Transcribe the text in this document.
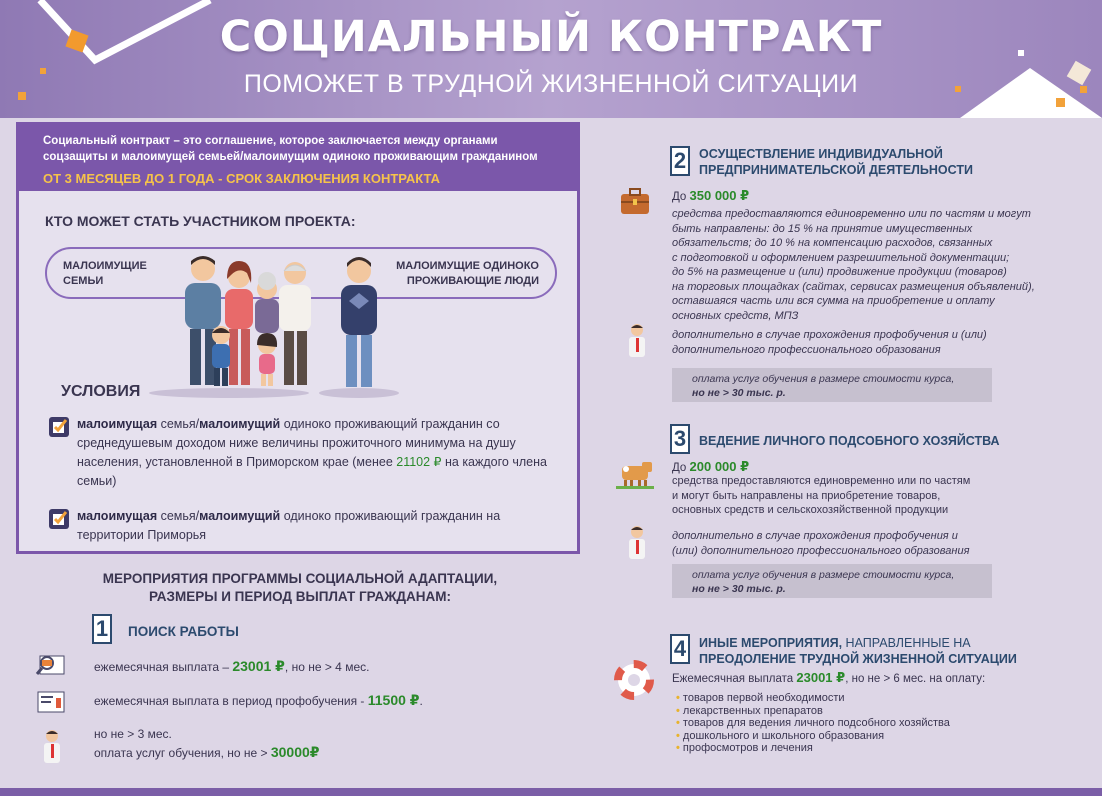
СОЦИАЛЬНЫЙ КОНТРАКТ
ПОМОЖЕТ В ТРУДНОЙ ЖИЗНЕННОЙ СИТУАЦИИ
Социальный контракт – это соглашение, которое заключается между органами
соцзащиты и малоимущей семьей/малоимущим одиноко проживающим гражданином
ОТ 3 МЕСЯЦЕВ ДО 1 ГОДА - СРОК ЗАКЛЮЧЕНИЯ КОНТРАКТА
КТО МОЖЕТ СТАТЬ УЧАСТНИКОМ ПРОЕКТА:
МАЛОИМУЩИЕ
СЕМЬИ
МАЛОИМУЩИЕ ОДИНОКО
ПРОЖИВАЮЩИЕ ЛЮДИ
УСЛОВИЯ
малоимущая семья/малоимущий одиноко проживающий гражданин со среднедушевым доходом ниже величины прожиточного минимума на душу населения, установленной в Приморском крае (менее 21102 ₽ на каждого члена семьи)
малоимущая семья/малоимущий одиноко проживающий гражданин на территории Приморья
МЕРОПРИЯТИЯ ПРОГРАММЫ СОЦИАЛЬНОЙ АДАПТАЦИИ,
РАЗМЕРЫ И ПЕРИОД ВЫПЛАТ ГРАЖДАНАМ:
1 ПОИСК РАБОТЫ
ежемесячная выплата – 23001 ₽, но не > 4 мес.
ежемесячная выплата в период профобучения - 11500 ₽.
но не > 3 мес.
оплата услуг обучения, но не > 30000₽
2	ОСУЩЕСТВЛЕНИЕ ИНДИВИДУАЛЬНОЙ
ПРЕДПРИНИМАТЕЛЬСКОЙ ДЕЯТЕЛЬНОСТИ
До 350 000 ₽
средства предоставляются единовременно или по частям и могут
быть направлены: до 15 % на принятие имущественных
обязательств; до 10 % на компенсацию расходов, связанных
с подготовкой и оформлением разрешительной документации;
до 5% на размещение и (или) продвижение продукции (товаров)
на торговых площадках (сайтах, сервисах размещения объявлений),
оставшаяся часть или вся сумма на приобретение и оплату
основных средств, МПЗ
дополнительно в случае прохождения профобучения и (или)
дополнительного профессионального образования
оплата услуг обучения в размере стоимости курса,
но не > 30 тыс. р.
3	ВЕДЕНИЕ ЛИЧНОГО ПОДСОБНОГО ХОЗЯЙСТВА
До 200 000 ₽
средства предоставляются единовременно или по частям
и могут быть направлены на приобретение товаров,
основных средств и сельскохозяйственной продукции
дополнительно в случае прохождения профобучения и
(или) дополнительного профессионального образования
оплата услуг обучения в размере стоимости курса,
но не > 30 тыс. р.
4	ИНЫЕ МЕРОПРИЯТИЯ, НАПРАВЛЕННЫЕ НА
ПРЕОДОЛЕНИЕ ТРУДНОЙ ЖИЗНЕННОЙ СИТУАЦИИ
Ежемесячная выплата 23001 ₽, но не > 6 мес. на оплату:
• товаров первой необходимости
• лекарственных препаратов
• товаров для ведения личного подсобного хозяйства
• дошкольного и школьного образования
• профосмотров и лечения
